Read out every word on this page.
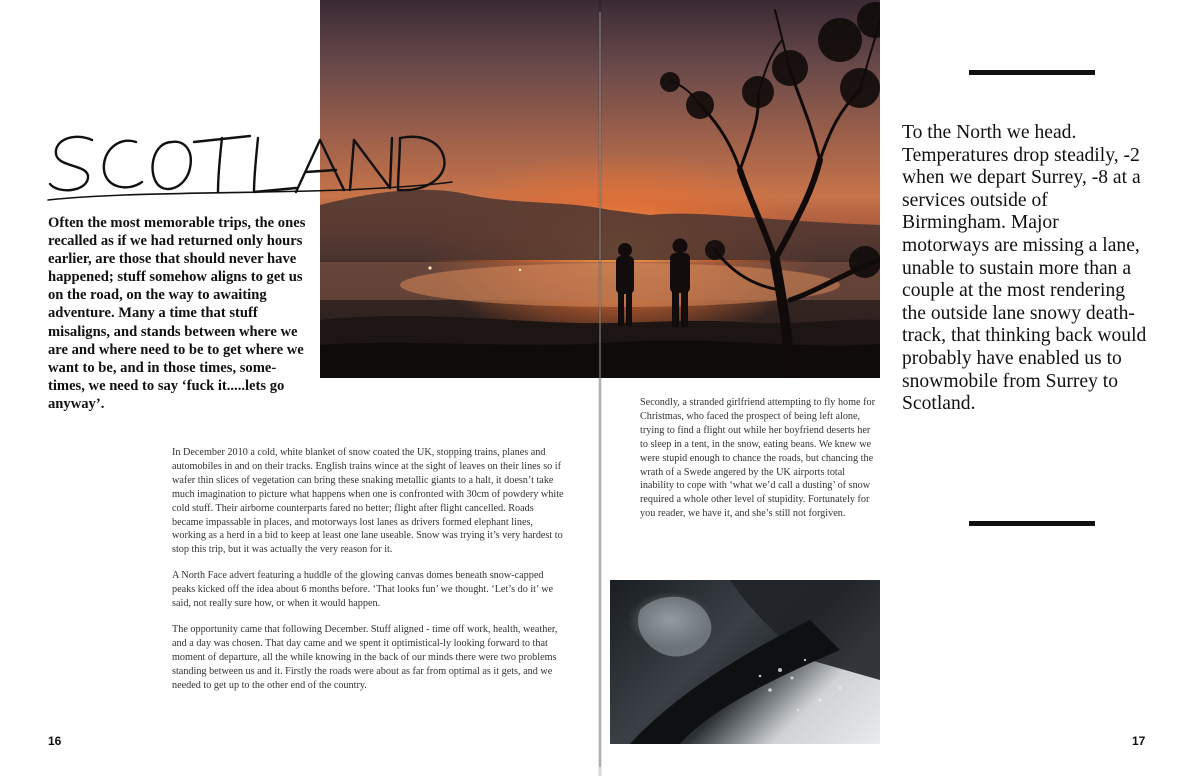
Often the most memorable trips, the ones recalled as if we had returned only hours earlier, are those that should never have happened; stuff somehow aligns to get us on the road, on the way to awaiting adventure. Many a time that stuff misaligns, and stands between where we are and where need to be to get where we want to be, and in those times, some-times, we need to say ‘fuck it.....lets go anyway’.

In December 2010 a cold, white blanket of snow coated the UK, stopping trains, planes and automobiles in and on their tracks. English trains wince at the sight of leaves on their lines so if wafer thin slices of vegetation can bring these snaking metallic giants to a halt, it doesn’t take much imagination to picture what happens when one is confronted with 30cm of powdery white cold stuff. Their airborne counterparts fared no better; flight after flight cancelled. Roads became impassable in places, and motorways lost lanes as drivers formed elephant lines, working as a herd in a bid to keep at least one lane useable. Snow was trying it’s very hardest to stop this trip, but it was actually the very reason for it.

A North Face advert featuring a huddle of the glowing canvas domes beneath snow-capped peaks kicked off the idea about 6 months before. ‘That looks fun’ we thought. ‘Let’s do it’ we said, not really sure how, or when it would happen.

The opportunity came that following December. Stuff aligned - time off work, health, weather, and a day was chosen. That day came and we spent it optimistical-ly looking forward to that moment of departure, all the while knowing in the back of our minds there were two problems standing between us and it. Firstly the roads were about as far from optimal as it gets, and we needed to get up to the other end of the country.

Secondly, a stranded girlfriend attempting to fly home for Christmas, who faced the prospect of being left alone, trying to find a flight out while her boyfriend deserts her to sleep in a tent, in the snow, eating beans. We knew we were stupid enough to chance the roads, but chancing the wrath of a Swede angered by the UK airports total inability to cope with ‘what we’d call a dusting’ of snow required a whole other level of stupidity. Fortunately for you reader, we have it, and she’s still not forgiven.

To the North we head. Temperatures drop steadily, -2 when we depart Surrey, -8 at a services outside of Birmingham. Major motorways are missing a lane, unable to sustain more than a couple at the most rendering the outside lane snowy death-track, that thinking back would probably have enabled us to snowmobile from Surrey to Scotland.
16	17
